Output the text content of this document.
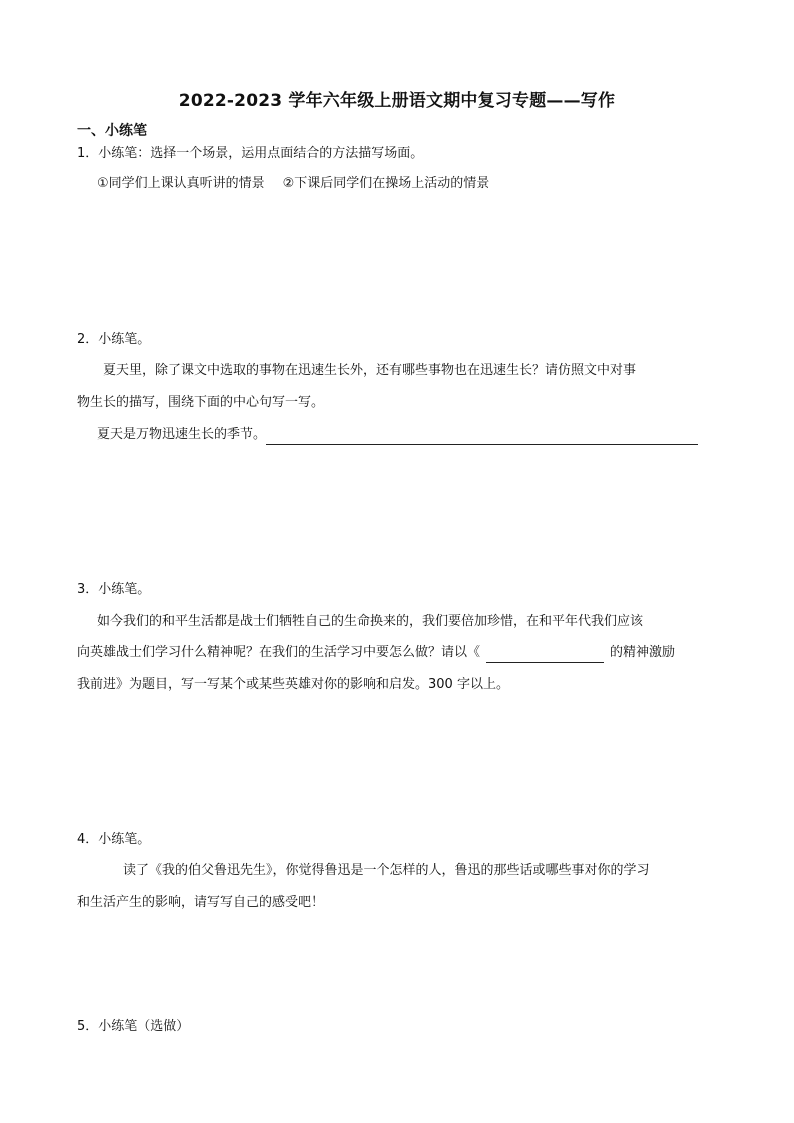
2022-2023 学年六年级上册语文期中复习专题——写作
一、小练笔
1．小练笔：选择一个场景，运用点面结合的方法描写场面。
①同学们上课认真听讲的情景 ②下课后同学们在操场上活动的情景
2．小练笔。
夏天里，除了课文中选取的事物在迅速生长外，还有哪些事物也在迅速生长？请仿照文中对事
物生长的描写，围绕下面的中心句写一写。
夏天是万物迅速生长的季节。
3．小练笔。
如今我们的和平生活都是战士们牺牲自己的生命换来的，我们要倍加珍惜，在和平年代我们应该
向英雄战士们学习什么精神呢？在我们的生活学习中要怎么做？请以《	的精神激励
我前进》为题目，写一写某个或某些英雄对你的影响和启发。300 字以上。
4．小练笔。
读了《我的伯父鲁迅先生》，你觉得鲁迅是一个怎样的人，鲁迅的那些话或哪些事对你的学习
和生活产生的影响，请写写自己的感受吧！
5．小练笔（选做）
